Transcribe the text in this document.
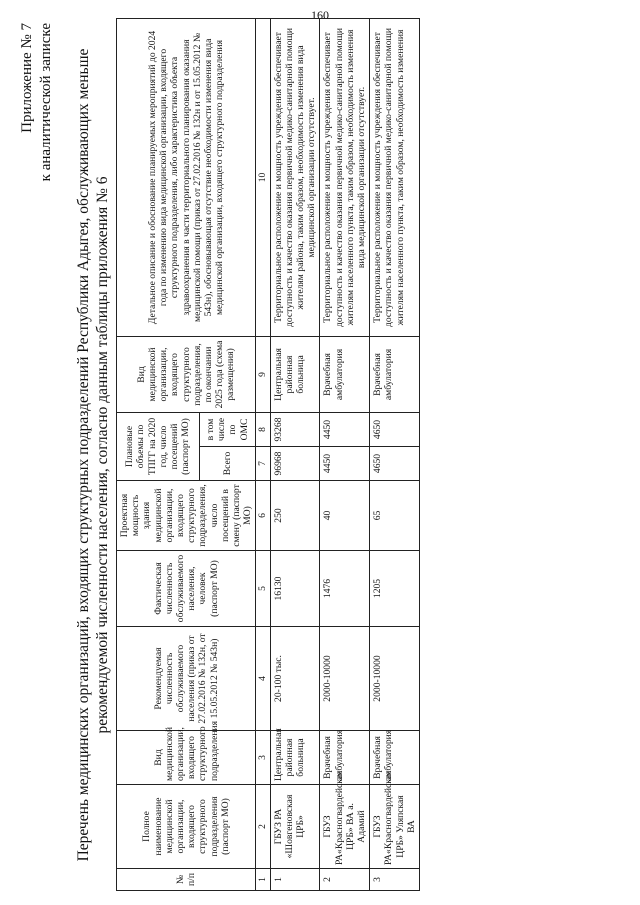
160
Приложение № 7 к аналитической записке Перечень медицинских организаций, входящих структурных подразделений Республики Адыгея, обслуживающих меньше рекомендуемой численности населения, согласно данным таблицы приложения № 6
№ п/п	Полное наименование медицинской организации, входящего структурного подразделения (паспорт МО)	Вид медицинской организации, входящего структурного подразделения	Рекомендуемая численность обслуживаемого населения (приказ от 27.02.2016 № 132н, от 15.05.2012 № 543н)	Фактическая численность обслуживаемого населения, человек (паспорт МО)	Проектная мощность здания медицинской организации, входящего структурного подразделения, число посещений в смену (паспорт МО)	Плановые объемы по ТПГГ на 2020 год, число посещений (паспорт МО)		Вид медицинской организации, входящего структурного подразделения, по окончании 2025 года (схема размещения)	Детальное описание и обоснование планируемых мероприятий до 2024 года по изменению вида медицинской организации, входящего структурного подразделения, либо характеристика объекта здравоохранения в части территориального планирования оказания медицинской помощи (приказ от 27.02.2016 № 132н и от 15.05.2012 № 543н), обосновывающая отсутствие необходимости изменения вида медицинской организации, входящего структурного подразделения
						Всего	в том числе по ОМС		
1	2	3	4	5	6	7	8	9	10
1	ГБУЗ РА «Шовгеновская ЦРБ»	Центральная районная больница	20-100 тыс.	16130	250	96968	93268	Центральная районная больница	Территориальное расположение и мощность учреждения обеспечивает доступность и качество оказания первичной медико-санитарной помощи жителям района, таким образом, необходимость изменения вида медицинской организации отсутствует.
2	ГБУЗ РА«Красногвардейская ЦРБ» ВА а. Адамий	Врачебная амбулатория	2000-10000	1476	40	4450	4450	Врачебная амбулатория	Территориальное расположение и мощность учреждения обеспечивает доступность и качество оказания первичной медико-санитарной помощи жителям населенного пункта, таким образом, необходимость изменения вида медицинской организации отсутствует.
3	ГБУЗ РА«Красногвардейская ЦРБ» Уляпская ВА	Врачебная амбулатория	2000-10000	1205	65	4650	4650	Врачебная амбулатория	Территориальное расположение и мощность учреждения обеспечивает доступность и качество оказания первичной медико-санитарной помощи жителям населенного пункта, таким образом, необходимость изменения
